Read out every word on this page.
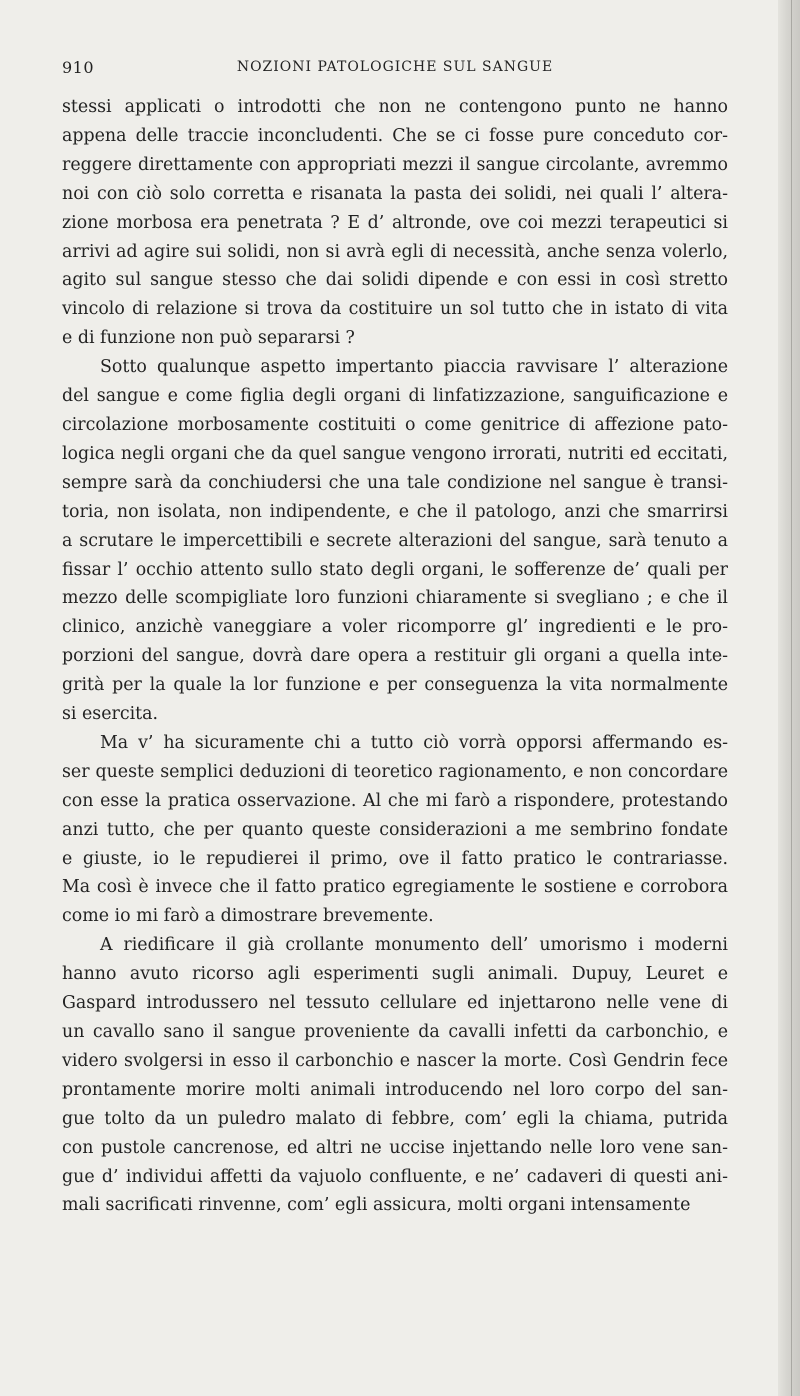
910	NOZIONI PATOLOGICHE SUL SANGUE

stessi applicati o introdotti che non ne contengono punto ne hanno
appena delle traccie inconcludenti. Che se ci fosse pure conceduto cor-
reggere direttamente con appropriati mezzi il sangue circolante, avremmo
noi con ciò solo corretta e risanata la pasta dei solidi, nei quali l’ altera-
zione morbosa era penetrata ? E d’ altronde, ove coi mezzi terapeutici si
arrivi ad agire sui solidi, non si avrà egli di necessità, anche senza volerlo,
agito sul sangue stesso che dai solidi dipende e con essi in così stretto
vincolo di relazione si trova da costituire un sol tutto che in istato di vita
e di funzione non può separarsi ?

Sotto qualunque aspetto impertanto piaccia ravvisare l’ alterazione
del sangue e come figlia degli organi di linfatizzazione, sanguificazione e
circolazione morbosamente costituiti o come genitrice di affezione pato-
logica negli organi che da quel sangue vengono irrorati, nutriti ed eccitati,
sempre sarà da conchiudersi che una tale condizione nel sangue è transi-
toria, non isolata, non indipendente, e che il patologo, anzi che smarrirsi
a scrutare le impercettibili e secrete alterazioni del sangue, sarà tenuto a
fissar l’ occhio attento sullo stato degli organi, le sofferenze de’ quali per
mezzo delle scompigliate loro funzioni chiaramente si svegliano ; e che il
clinico, anzichè vaneggiare a voler ricomporre gl’ ingredienti e le pro-
porzioni del sangue, dovrà dare opera a restituir gli organi a quella inte-
grità per la quale la lor funzione e per conseguenza la vita normalmente
si esercita.

Ma v’ ha sicuramente chi a tutto ciò vorrà opporsi affermando es-
ser queste semplici deduzioni di teoretico ragionamento, e non concordare
con esse la pratica osservazione. Al che mi farò a rispondere, protestando
anzi tutto, che per quanto queste considerazioni a me sembrino fondate
e giuste, io le repudierei il primo, ove il fatto pratico le contrariasse.
Ma così è invece che il fatto pratico egregiamente le sostiene e corrobora
come io mi farò a dimostrare brevemente.

A riedificare il già crollante monumento dell’ umorismo i moderni
hanno avuto ricorso agli esperimenti sugli animali. Dupuy, Leuret e
Gaspard introdussero nel tessuto cellulare ed injettarono nelle vene di
un cavallo sano il sangue proveniente da cavalli infetti da carbonchio, e
videro svolgersi in esso il carbonchio e nascer la morte. Così Gendrin fece
prontamente morire molti animali introducendo nel loro corpo del san-
gue tolto da un puledro malato di febbre, com’ egli la chiama, putrida
con pustole cancrenose, ed altri ne uccise injettando nelle loro vene san-
gue d’ individui affetti da vajuolo confluente, e ne’ cadaveri di questi ani-
mali sacrificati rinvenne, com’ egli assicura, molti organi intensamente
